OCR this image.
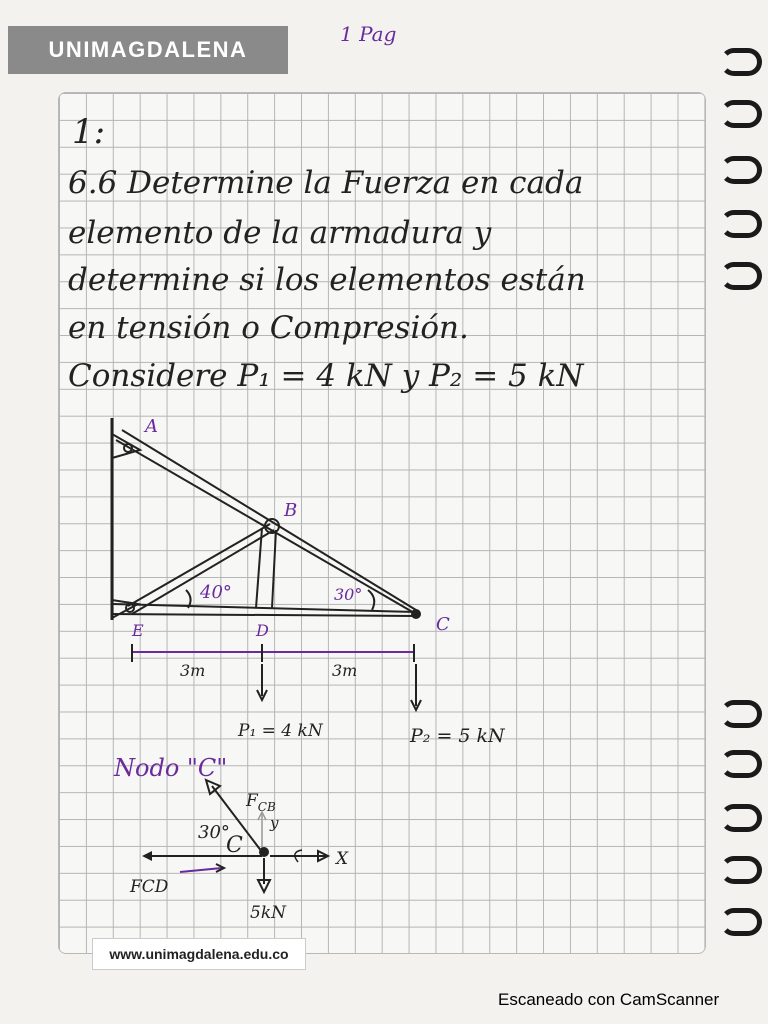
UNIMAGDALENA
1 Pag
1:
6.6 Determine la Fuerza en cada
elemento de la armadura y
determine si los elementos están
en tensión o Compresión.
Considere P₁ = 4 kN y P₂ = 5 kN
A
B
E	D	C
40°	30°
3m	3m
P₁ = 4 kN	P₂ = 5 kN
Nodo "C"
$F_{CB}$
y
30°
C
FCD
X
5kN
www.unimagdalena.edu.co
Escaneado con CamScanner
